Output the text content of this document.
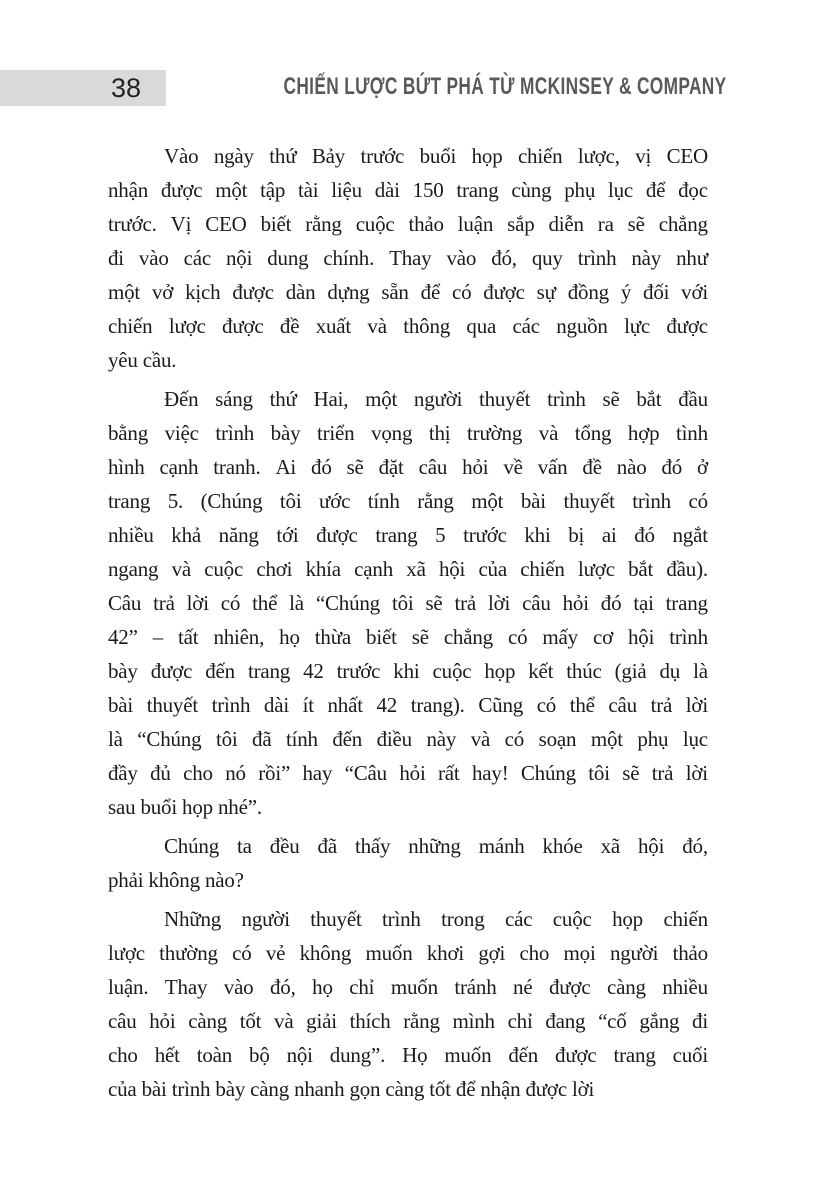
38	CHIẾN LƯỢC BỨT PHÁ TỪ MCKINSEY & COMPANY
Vào ngày thứ Bảy trước buổi họp chiến lược, vị CEO
nhận được một tập tài liệu dài 150 trang cùng phụ lục để đọc
trước. Vị CEO biết rằng cuộc thảo luận sắp diễn ra sẽ chẳng
đi vào các nội dung chính. Thay vào đó, quy trình này như
một vở kịch được dàn dựng sẵn để có được sự đồng ý đối với
chiến lược được đề xuất và thông qua các nguồn lực được
yêu cầu.
Đến sáng thứ Hai, một người thuyết trình sẽ bắt đầu
bằng việc trình bày triển vọng thị trường và tổng hợp tình
hình cạnh tranh. Ai đó sẽ đặt câu hỏi về vấn đề nào đó ở
trang 5. (Chúng tôi ước tính rằng một bài thuyết trình có
nhiều khả năng tới được trang 5 trước khi bị ai đó ngắt
ngang và cuộc chơi khía cạnh xã hội của chiến lược bắt đầu).
Câu trả lời có thể là “Chúng tôi sẽ trả lời câu hỏi đó tại trang
42” – tất nhiên, họ thừa biết sẽ chẳng có mấy cơ hội trình
bày được đến trang 42 trước khi cuộc họp kết thúc (giả dụ là
bài thuyết trình dài ít nhất 42 trang). Cũng có thể câu trả lời
là “Chúng tôi đã tính đến điều này và có soạn một phụ lục
đầy đủ cho nó rồi” hay “Câu hỏi rất hay! Chúng tôi sẽ trả lời
sau buổi họp nhé”.
Chúng ta đều đã thấy những mánh khóe xã hội đó,
phải không nào?
Những người thuyết trình trong các cuộc họp chiến
lược thường có vẻ không muốn khơi gợi cho mọi người thảo
luận. Thay vào đó, họ chỉ muốn tránh né được càng nhiều
câu hỏi càng tốt và giải thích rằng mình chỉ đang “cố gắng đi
cho hết toàn bộ nội dung”. Họ muốn đến được trang cuối
của bài trình bày càng nhanh gọn càng tốt để nhận được lời
